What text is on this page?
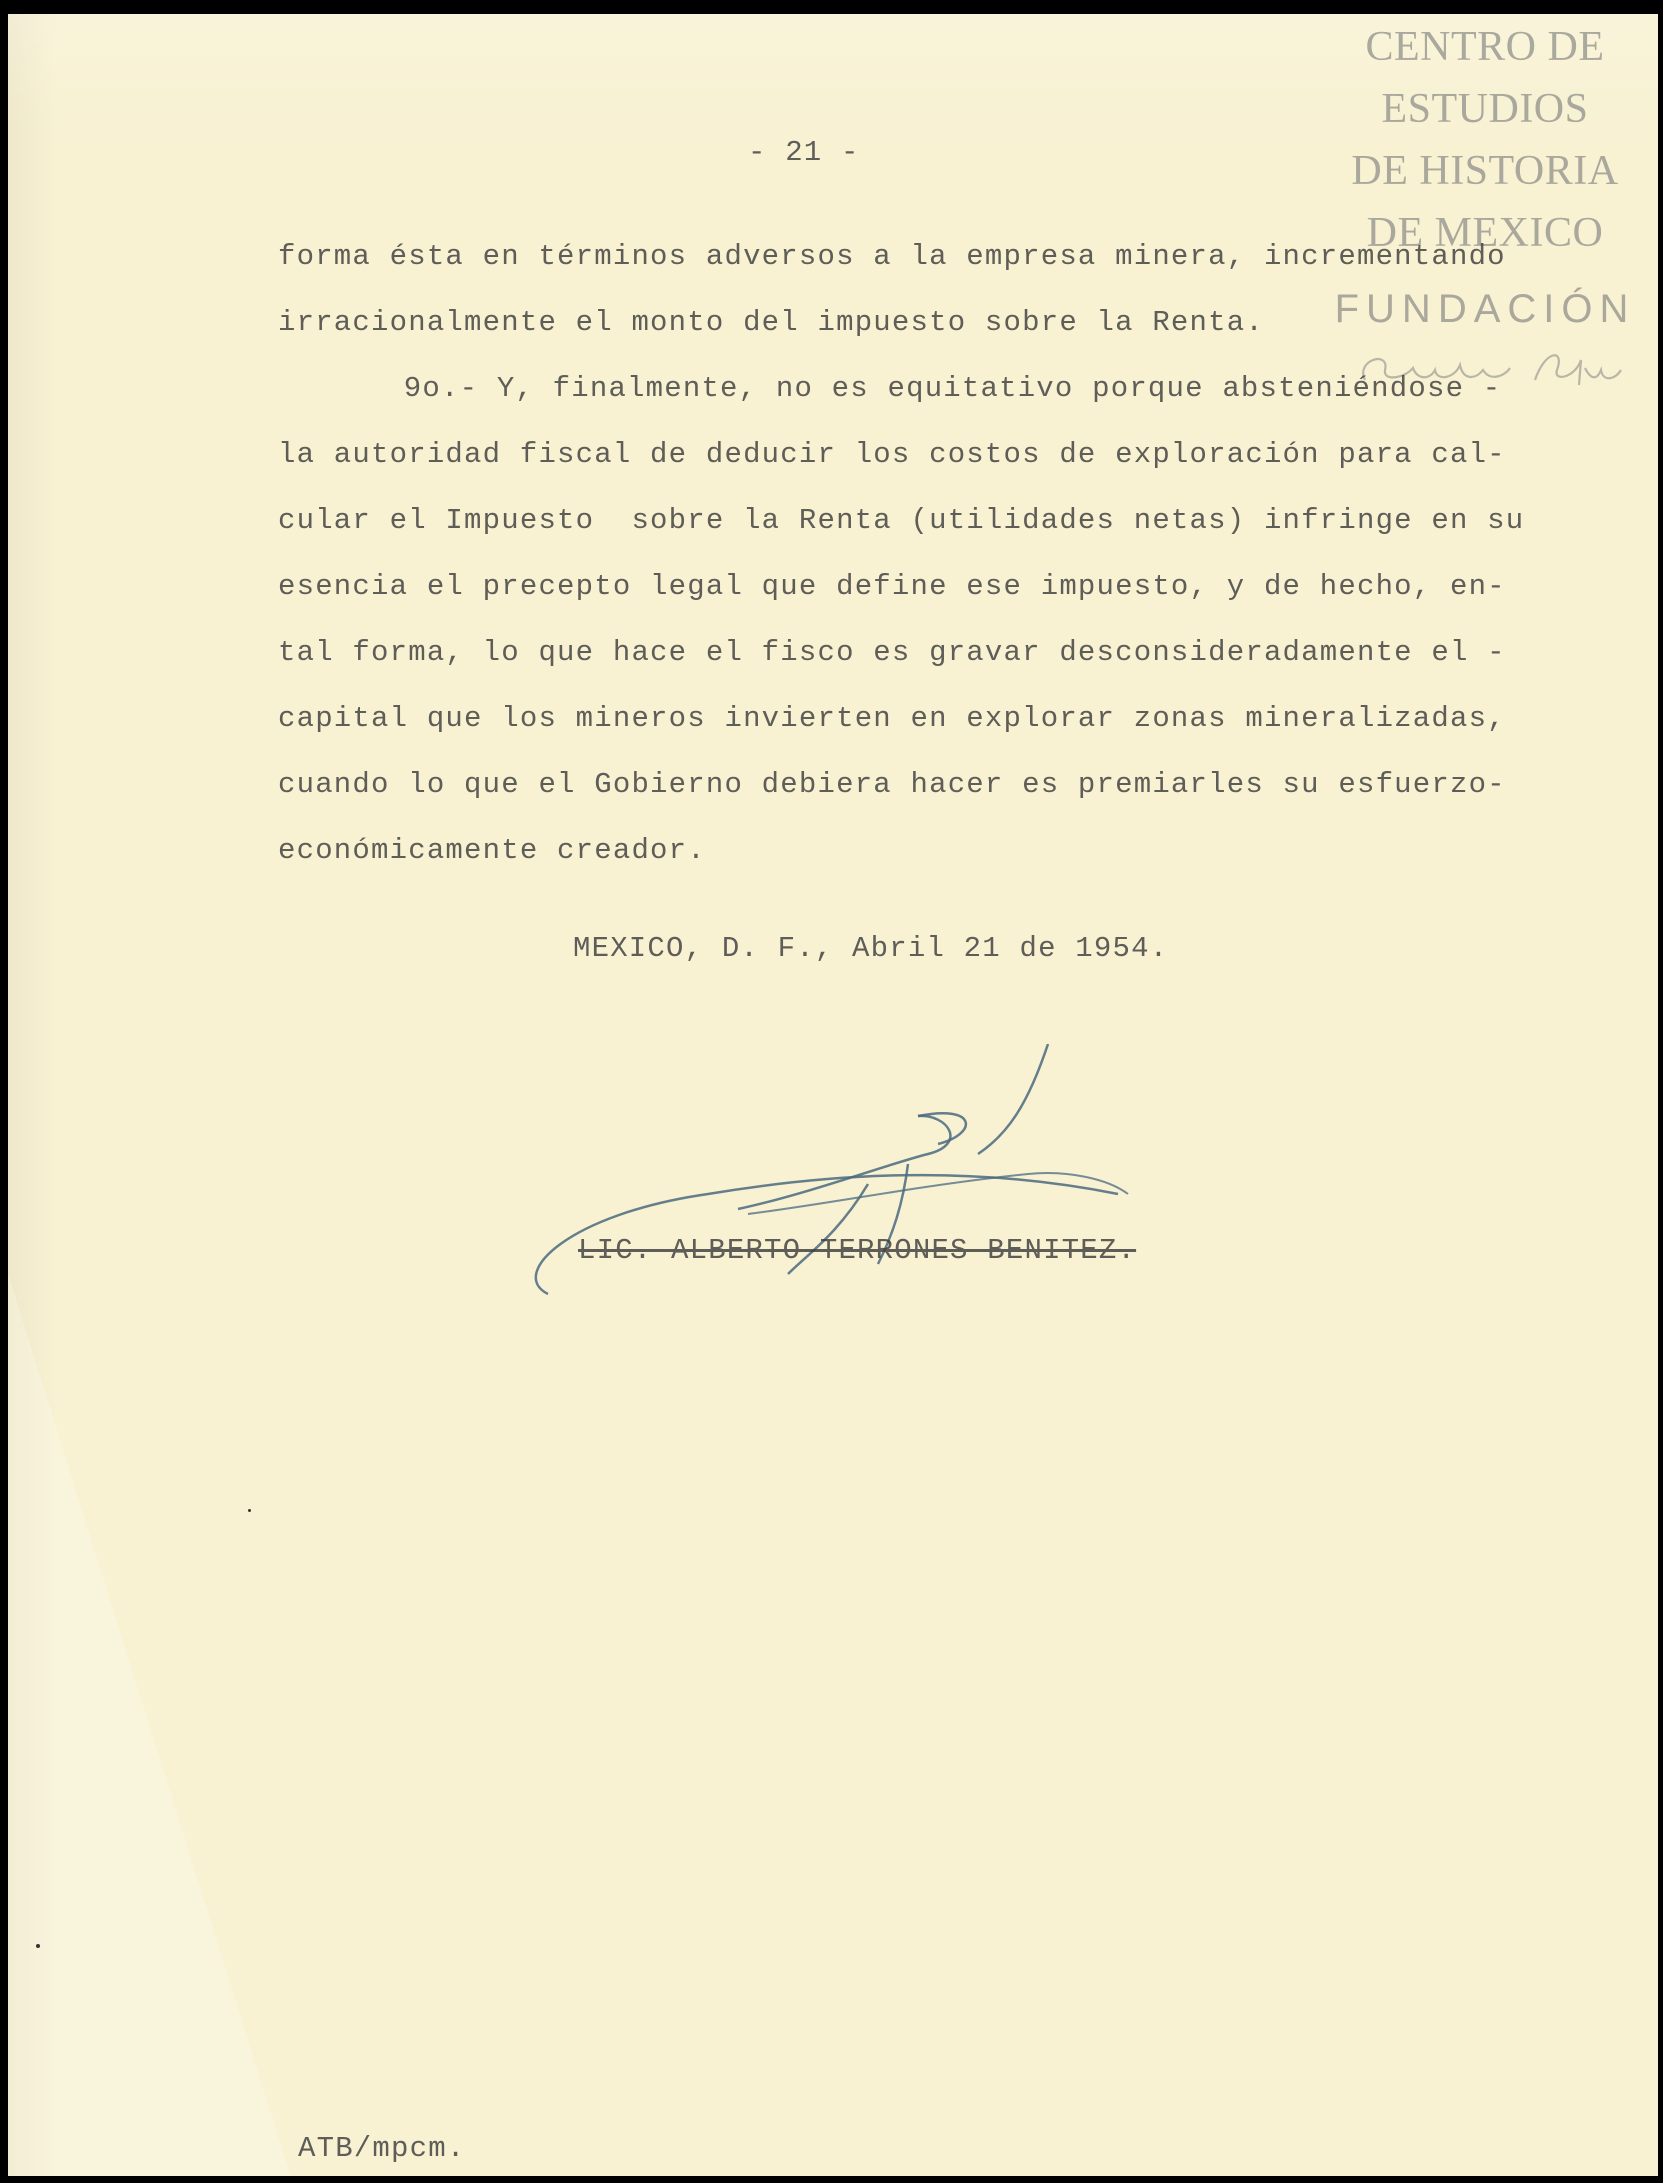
CENTRO DE
ESTUDIOS
DE HISTORIA
DE MEXICO
FUNDACIÓN
- 21 -
forma ésta en términos adversos a la empresa minera, incrementando
irracionalmente el monto del impuesto sobre la Renta.
9o.- Y, finalmente, no es equitativo porque absteniéndose -
la autoridad fiscal de deducir los costos de exploración para cal-
cular el Impuesto  sobre la Renta (utilidades netas) infringe en su
esencia el precepto legal que define ese impuesto, y de hecho, en-
tal forma, lo que hace el fisco es gravar desconsideradamente el -
capital que los mineros invierten en explorar zonas mineralizadas,
cuando lo que el Gobierno debiera hacer es premiarles su esfuerzo-
económicamente creador.
MEXICO, D. F., Abril 21 de 1954.
LIC. ALBERTO TERRONES BENITEZ.
ATB/mpcm.
